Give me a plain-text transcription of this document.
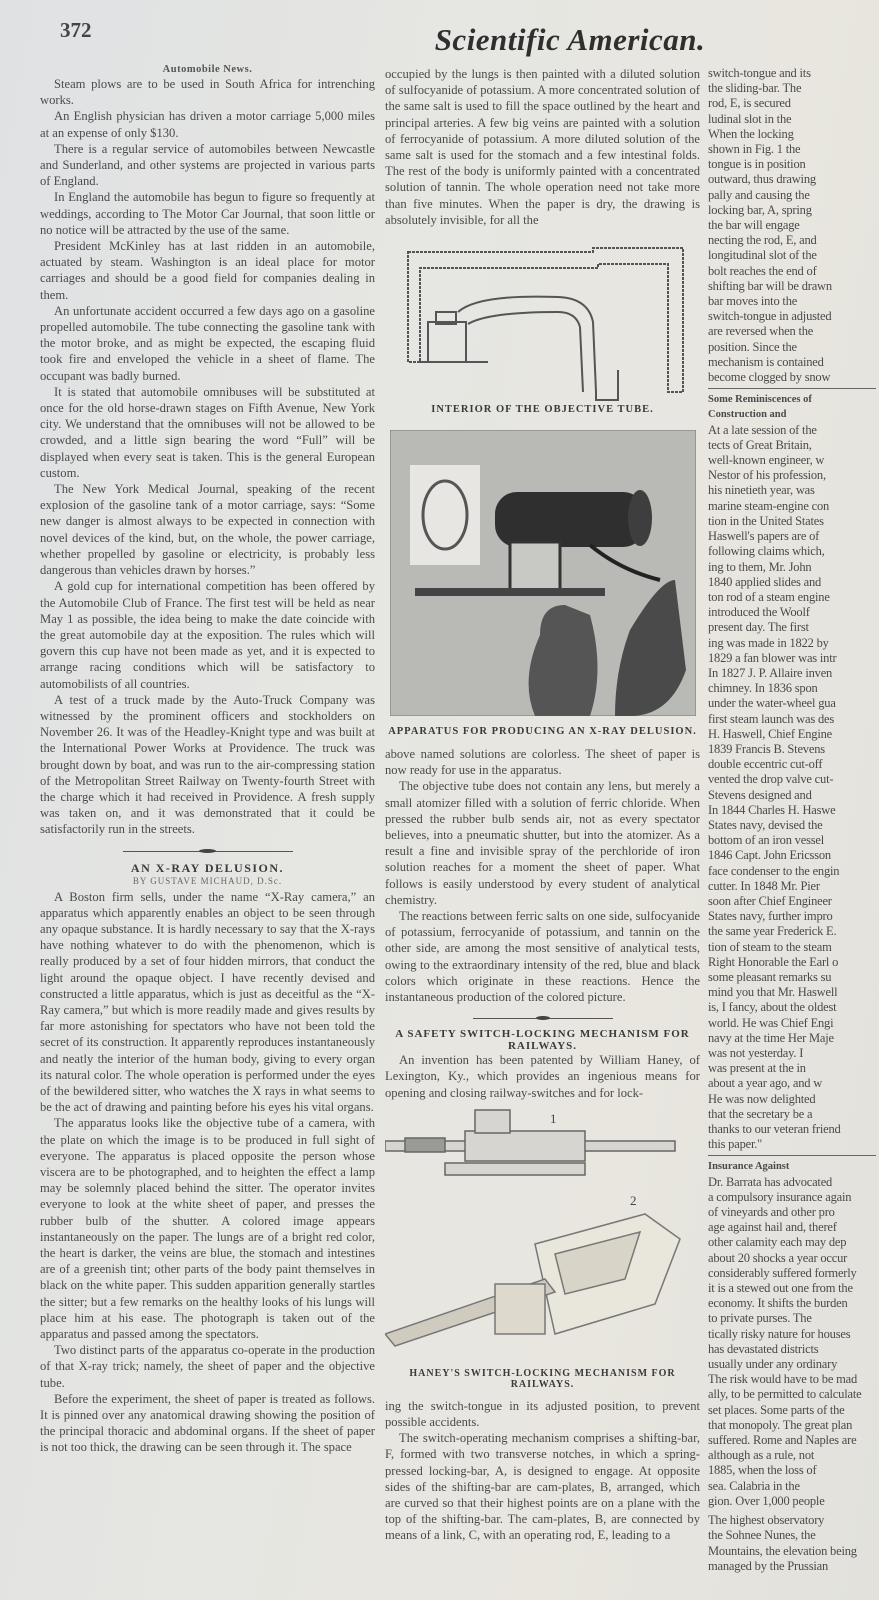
372	Scientific American.
Automobile News.

Steam plows are to be used in South Africa for intrenching works.

An English physician has driven a motor carriage 5,000 miles at an expense of only $130.

There is a regular service of automobiles between Newcastle and Sunderland, and other systems are projected in various parts of England.

In England the automobile has begun to figure so frequently at weddings, according to The Motor Car Journal, that soon little or no notice will be attracted by the use of the same.

President McKinley has at last ridden in an automobile, actuated by steam. Washington is an ideal place for motor carriages and should be a good field for companies dealing in them.

An unfortunate accident occurred a few days ago on a gasoline propelled automobile. The tube connecting the gasoline tank with the motor broke, and as might be expected, the escaping fluid took fire and enveloped the vehicle in a sheet of flame. The occupant was badly burned.

It is stated that automobile omnibuses will be substituted at once for the old horse-drawn stages on Fifth Avenue, New York city. We understand that the omnibuses will not be allowed to be crowded, and a little sign bearing the word “Full” will be displayed when every seat is taken. This is the general European custom.

The New York Medical Journal, speaking of the recent explosion of the gasoline tank of a motor carriage, says: “Some new danger is almost always to be expected in connection with novel devices of the kind, but, on the whole, the power carriage, whether propelled by gasoline or electricity, is probably less dangerous than vehicles drawn by horses.”

A gold cup for international competition has been offered by the Automobile Club of France. The first test will be held as near May 1 as possible, the idea being to make the date coincide with the great automobile day at the exposition. The rules which will govern this cup have not been made as yet, and it is expected to arrange racing conditions which will be satisfactory to automobilists of all countries.

A test of a truck made by the Auto-Truck Company was witnessed by the prominent officers and stockholders on November 26. It was of the Headley-Knight type and was built at the International Power Works at Providence. The truck was brought down by boat, and was run to the air-compressing station of the Metropolitan Street Railway on Twenty-fourth Street with the charge which it had received in Providence. A fresh supply was taken on, and it was demonstrated that it could be satisfactorily run in the streets.

AN X-RAY DELUSION.
BY GUSTAVE MICHAUD, D.Sc.

A Boston firm sells, under the name “X-Ray camera,” an apparatus which apparently enables an object to be seen through any opaque substance. It is hardly necessary to say that the X-rays have nothing whatever to do with the phenomenon, which is really produced by a set of four hidden mirrors, that conduct the light around the opaque object. I have recently devised and constructed a little apparatus, which is just as deceitful as the “X-Ray camera,” but which is more readily made and gives results by far more astonishing for spectators who have not been told the secret of its construction. It apparently reproduces instantaneously and neatly the interior of the human body, giving to every organ its natural color. The whole operation is performed under the eyes of the bewildered sitter, who watches the X rays in what seems to be the act of drawing and painting before his eyes his vital organs.

The apparatus looks like the objective tube of a camera, with the plate on which the image is to be produced in full sight of everyone. The apparatus is placed opposite the person whose viscera are to be photographed, and to heighten the effect a lamp may be solemnly placed behind the sitter. The operator invites everyone to look at the white sheet of paper, and presses the rubber bulb of the shutter. A colored image appears instantaneously on the paper. The lungs are of a bright red color, the heart is darker, the veins are blue, the stomach and intestines are of a greenish tint; other parts of the body paint themselves in black on the white paper. This sudden apparition generally startles the sitter; but a few remarks on the healthy looks of his lungs will place him at his ease. The photograph is taken out of the apparatus and passed among the spectators.

Two distinct parts of the apparatus co-operate in the production of that X-ray trick; namely, the sheet of paper and the objective tube.

Before the experiment, the sheet of paper is treated as follows. It is pinned over any anatomical drawing showing the position of the principal thoracic and abdominal organs. If the sheet of paper is not too thick, the drawing can be seen through it. The space

occupied by the lungs is then painted with a diluted solution of sulfocyanide of potassium. A more concentrated solution of the same salt is used to fill the space outlined by the heart and principal arteries. A few big veins are painted with a solution of ferrocyanide of potassium. A more diluted solution of the same salt is used for the stomach and a few intestinal folds. The rest of the body is uniformly painted with a concentrated solution of tannin. The whole operation need not take more than five minutes. When the paper is dry, the drawing is absolutely invisible, for all the

INTERIOR OF THE OBJECTIVE TUBE.
APPARATUS FOR PRODUCING AN X-RAY DELUSION.

above named solutions are colorless. The sheet of paper is now ready for use in the apparatus.

The objective tube does not contain any lens, but merely a small atomizer filled with a solution of ferric chloride. When pressed the rubber bulb sends air, not as every spectator believes, into a pneumatic shutter, but into the atomizer. As a result a fine and invisible spray of the perchloride of iron solution reaches for a moment the sheet of paper. What follows is easily understood by every student of analytical chemistry.

The reactions between ferric salts on one side, sulfocyanide of potassium, ferrocyanide of potassium, and tannin on the other side, are among the most sensitive of analytical tests, owing to the extraordinary intensity of the red, blue and black colors which originate in these reactions. Hence the instantaneous production of the colored picture.

A SAFETY SWITCH-LOCKING MECHANISM FOR RAILWAYS.

An invention has been patented by William Haney, of Lexington, Ky., which provides an ingenious means for opening and closing railway-switches and for lock-

1
2
HANEY'S SWITCH-LOCKING MECHANISM FOR RAILWAYS.

ing the switch-tongue in its adjusted position, to prevent possible accidents.

The switch-operating mechanism comprises a shifting-bar, F, formed with two transverse notches, in which a spring-pressed locking-bar, A, is designed to engage. At opposite sides of the shifting-bar are cam-plates, B, arranged, which are curved so that their highest points are on a plane with the top of the shifting-bar. The cam-plates, B, are connected by means of a link, C, with an operating rod, E, leading to a

switch-tongue and its
the sliding-bar. The
rod, E, is secured
ludinal slot in the
When the locking
shown in Fig. 1 the
tongue is in position
outward, thus drawing
pally and causing the
locking bar, A, spring
the bar will engage
necting the rod, E, and
longitudinal slot of the
bolt reaches the end of
shifting bar will be drawn
bar moves into the
switch-tongue in adjusted
are reversed when the
position. Since the
mechanism is contained
become clogged by snow
Some Reminiscences of
Construction and
At a late session of the
tects of Great Britain,
well-known engineer, w
Nestor of his profession,
his ninetieth year, was
marine steam-engine con
tion in the United States
Haswell's papers are of
following claims which,
ing to them, Mr. John
1840 applied slides and
ton rod of a steam engine
introduced the Woolf
present day. The first
ing was made in 1822 by
1829 a fan blower was intr
In 1827 J. P. Allaire inven
chimney. In 1836 spon
under the water-wheel gua
first steam launch was des
H. Haswell, Chief Engine
1839 Francis B. Stevens
double eccentric cut-off
vented the drop valve cut-
Stevens designed and
In 1844 Charles H. Haswe
States navy, devised the
bottom of an iron vessel
1846 Capt. John Ericsson
face condenser to the engin
cutter. In 1848 Mr. Pier
soon after Chief Engineer
States navy, further impro
the same year Frederick E.
tion of steam to the steam
Right Honorable the Earl o
some pleasant remarks su
mind you that Mr. Haswell
is, I fancy, about the oldest
world. He was Chief Engi
navy at the time Her Maje
was not yesterday. I
was present at the in
about a year ago, and w
He was now delighted
that the secretary be a
thanks to our veteran friend
this paper."
Insurance Against
Dr. Barrata has advocated
a compulsory insurance again
of vineyards and other pro
age against hail and, theref
other calamity each may dep
about 20 shocks a year occur
considerably suffered formerly
it is a stewed out one from the
economy. It shifts the burden
to private purses. The
tically risky nature for houses
has devastated districts
usually under any ordinary
The risk would have to be mad
ally, to be permitted to calculate
set places. Some parts of the
that monopoly. The great plan
suffered. Rome and Naples are
although as a rule, not
1885, when the loss of
sea. Calabria in the
gion. Over 1,000 people
The highest observatory
the Sohnee Nunes, the
Mountains, the elevation being
managed by the Prussian
